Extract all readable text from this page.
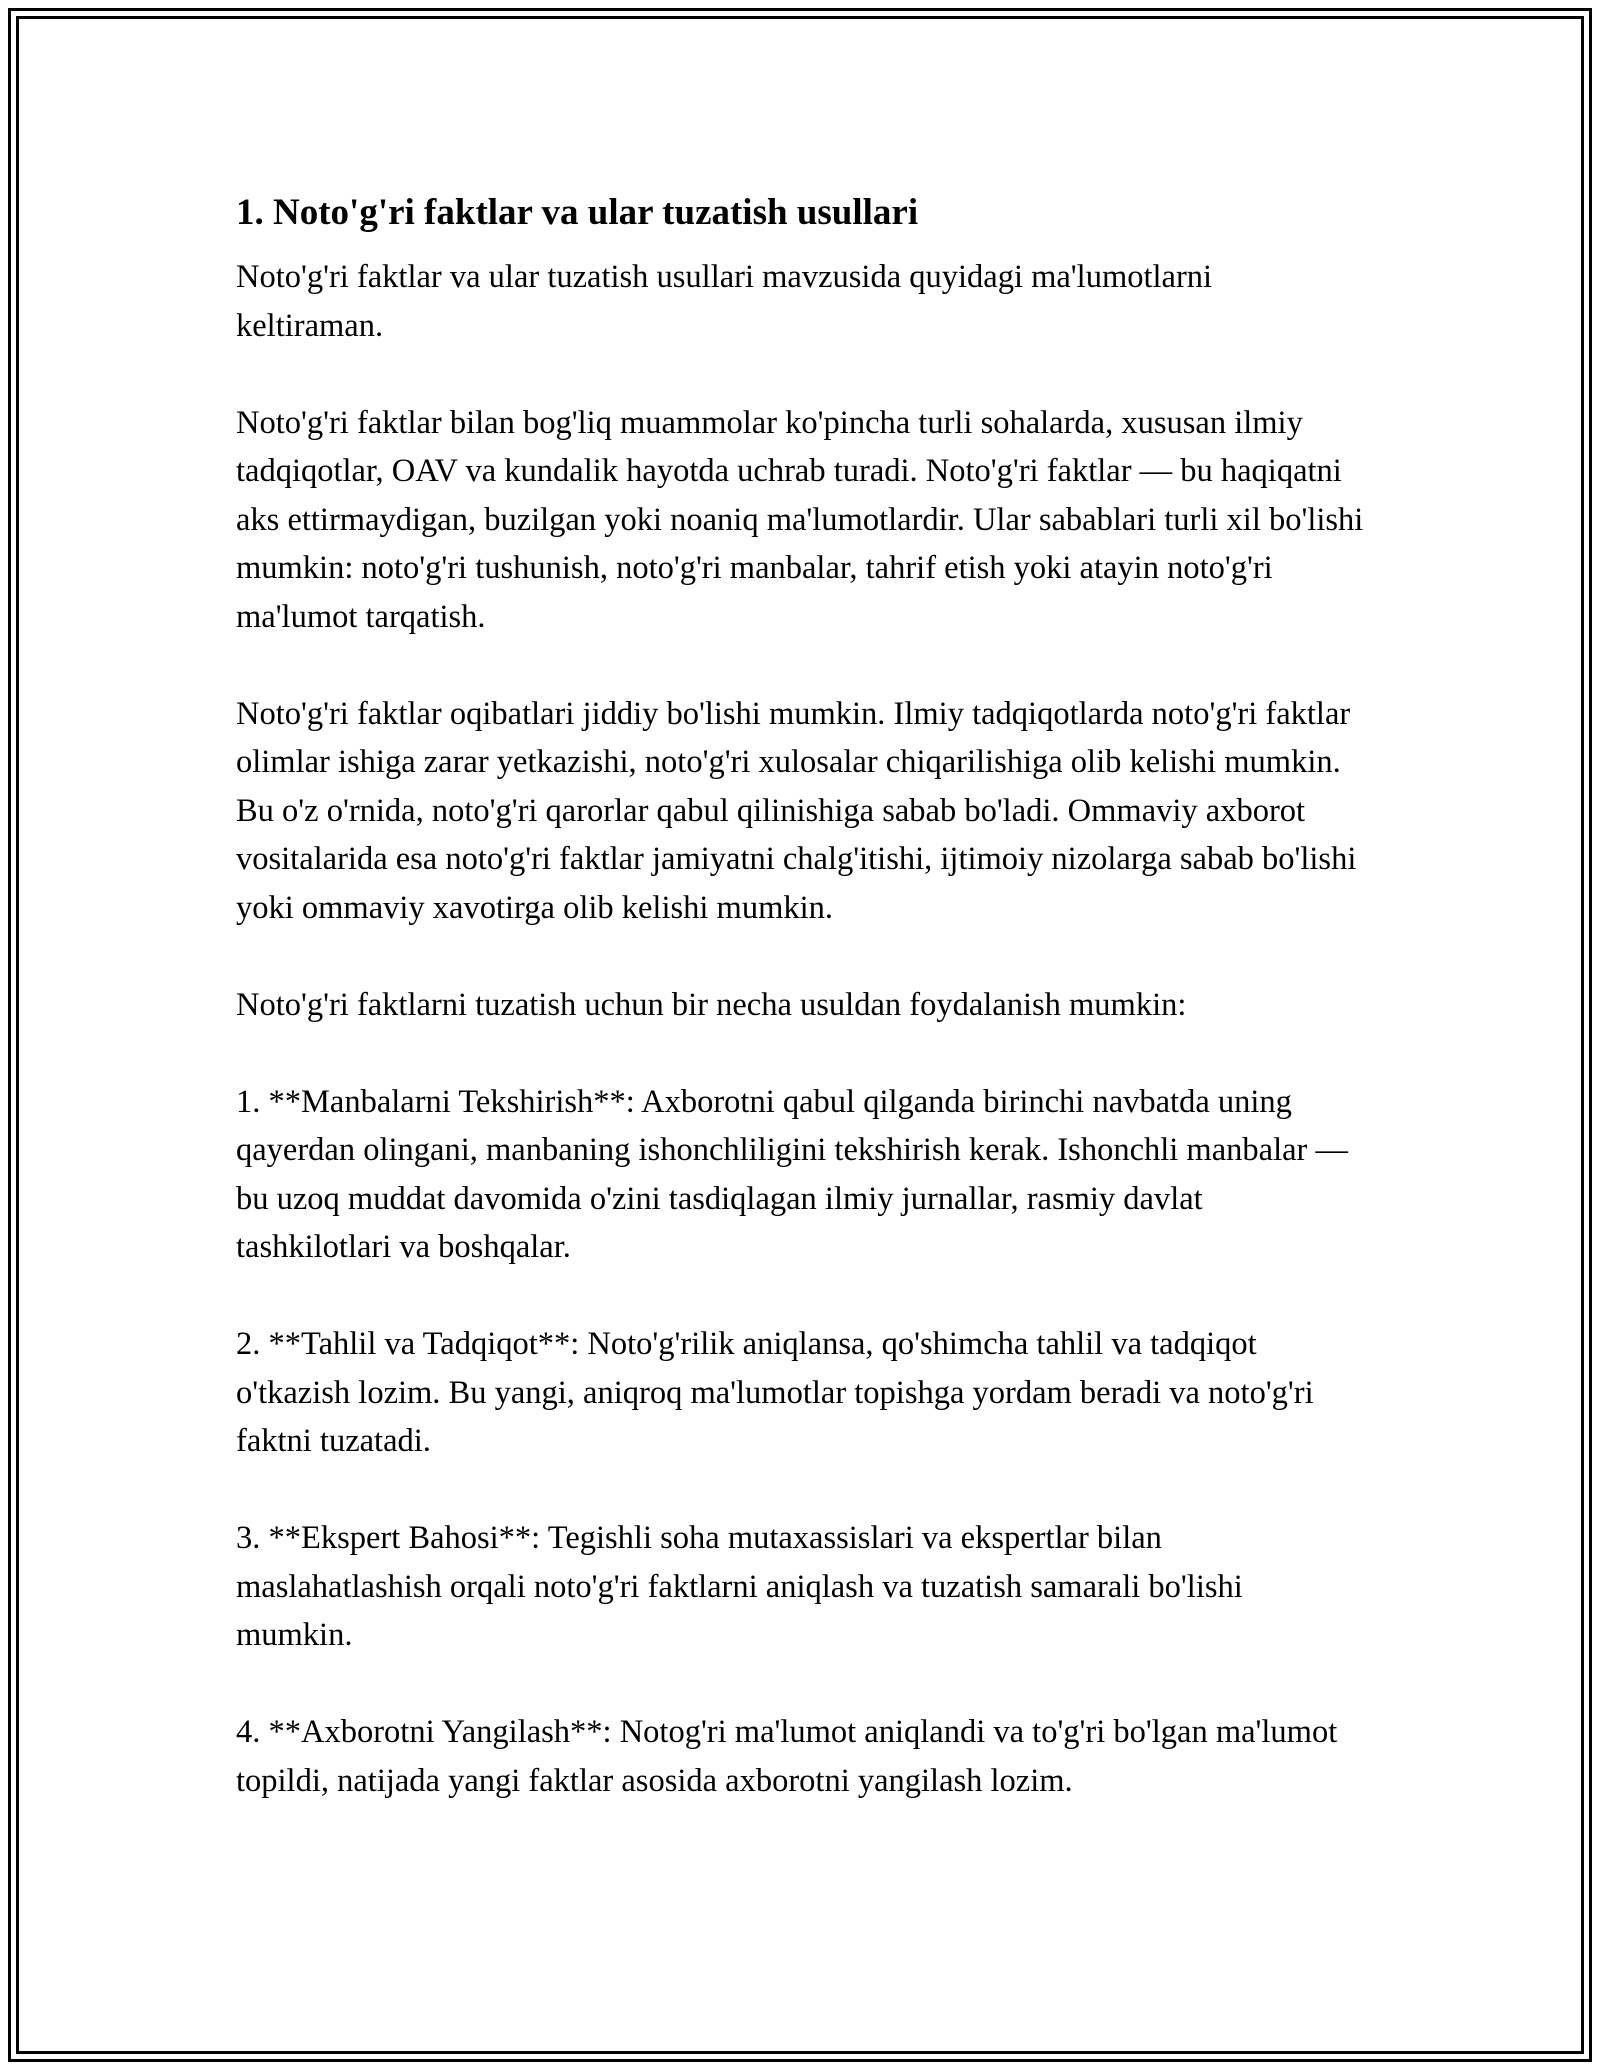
1. Noto'g'ri faktlar va ular tuzatish usullari

Noto'g'ri faktlar va ular tuzatish usullari mavzusida quyidagi ma'lumotlarni keltiraman.

Noto'g'ri faktlar bilan bog'liq muammolar ko'pincha turli sohalarda, xususan ilmiy tadqiqotlar, OAV va kundalik hayotda uchrab turadi. Noto'g'ri faktlar — bu haqiqatni aks ettirmaydigan, buzilgan yoki noaniq ma'lumotlardir. Ular sabablari turli xil bo'lishi mumkin: noto'g'ri tushunish, noto'g'ri manbalar, tahrif etish yoki atayin noto'g'ri ma'lumot tarqatish.

Noto'g'ri faktlar oqibatlari jiddiy bo'lishi mumkin. Ilmiy tadqiqotlarda noto'g'ri faktlar olimlar ishiga zarar yetkazishi, noto'g'ri xulosalar chiqarilishiga olib kelishi mumkin. Bu o'z o'rnida, noto'g'ri qarorlar qabul qilinishiga sabab bo'ladi. Ommaviy axborot vositalarida esa noto'g'ri faktlar jamiyatni chalg'itishi, ijtimoiy nizolarga sabab bo'lishi yoki ommaviy xavotirga olib kelishi mumkin.

Noto'g'ri faktlarni tuzatish uchun bir necha usuldan foydalanish mumkin:

1. **Manbalarni Tekshirish**: Axborotni qabul qilganda birinchi navbatda uning qayerdan olingani, manbaning ishonchliligini tekshirish kerak. Ishonchli manbalar — bu uzoq muddat davomida o'zini tasdiqlagan ilmiy jurnallar, rasmiy davlat tashkilotlari va boshqalar.

2. **Tahlil va Tadqiqot**: Noto'g'rilik aniqlansa, qo'shimcha tahlil va tadqiqot o'tkazish lozim. Bu yangi, aniqroq ma'lumotlar topishga yordam beradi va noto'g'ri faktni tuzatadi.

3. **Ekspert Bahosi**: Tegishli soha mutaxassislari va ekspertlar bilan maslahatlashish orqali noto'g'ri faktlarni aniqlash va tuzatish samarali bo'lishi mumkin.

4. **Axborotni Yangilash**: Notog'ri ma'lumot aniqlandi va to'g'ri bo'lgan ma'lumot topildi, natijada yangi faktlar asosida axborotni yangilash lozim.
